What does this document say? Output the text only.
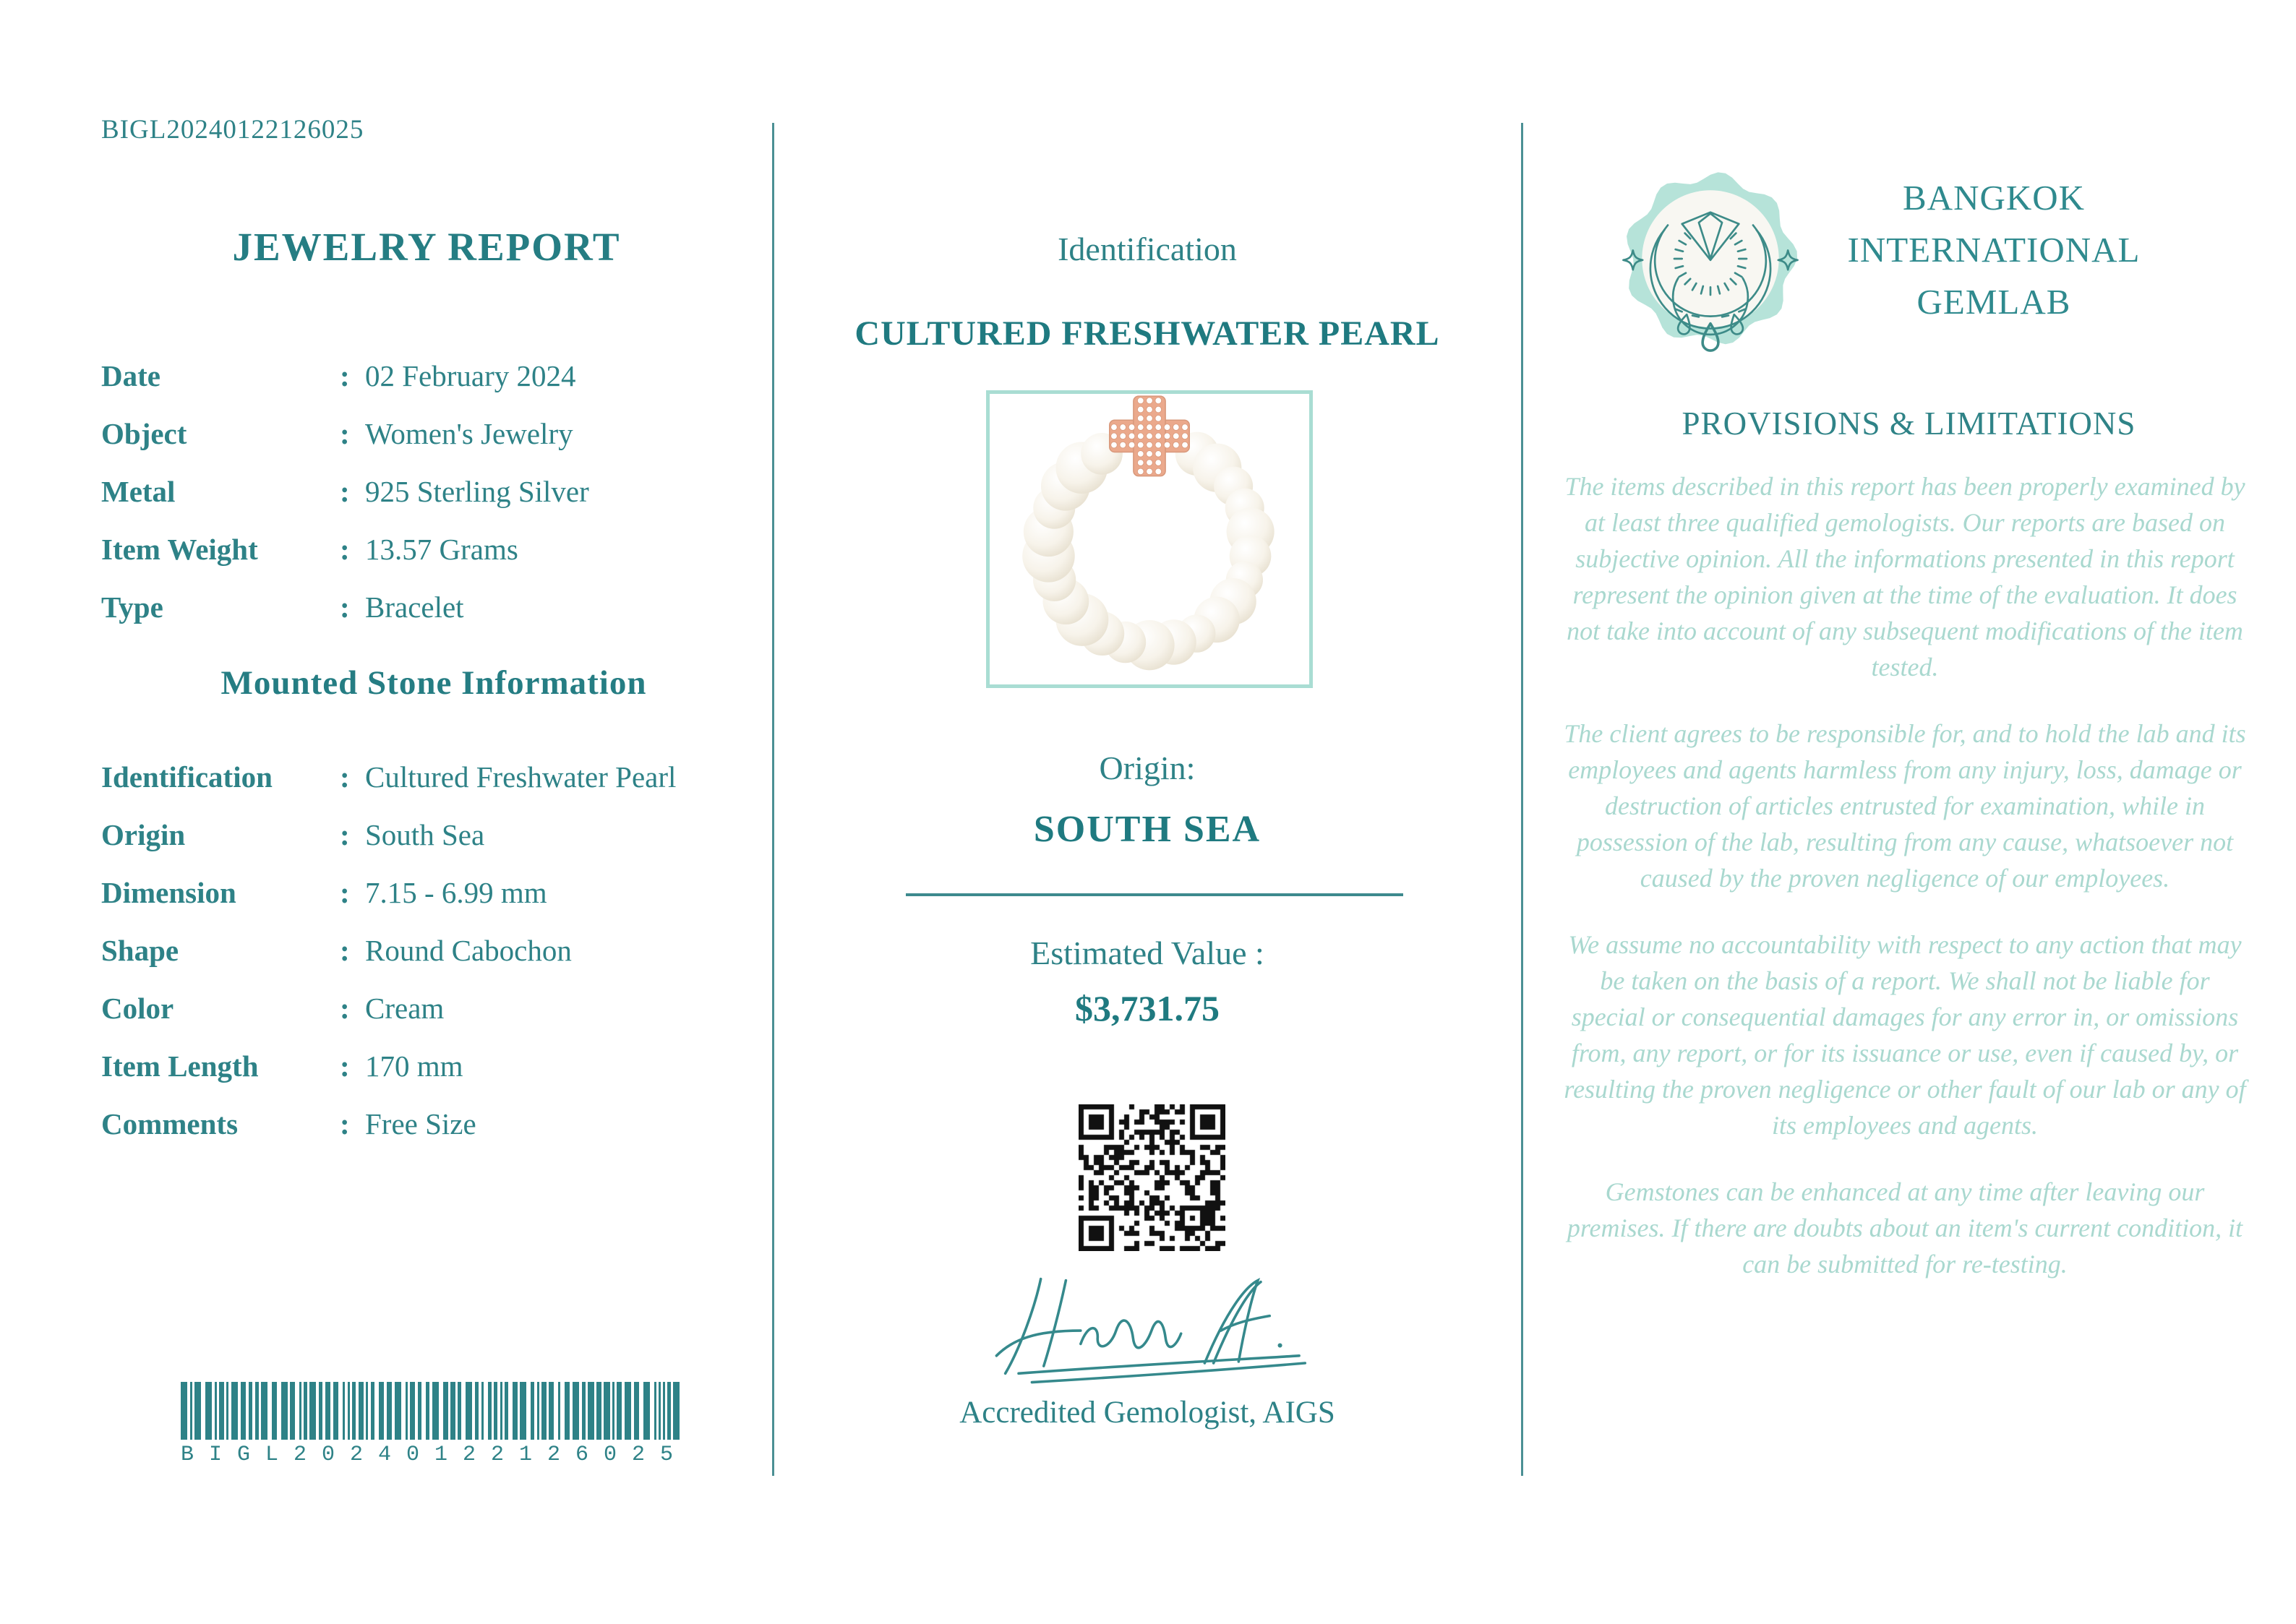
BIGL20240122126025
JEWELRY REPORT
Date	: 02 February 2024
Object	: Women's Jewelry
Metal	: 925 Sterling Silver
Item Weight	: 13.57 Grams
Type	: Bracelet
Mounted Stone Information
Identification	: Cultured Freshwater Pearl
Origin	: South Sea
Dimension	: 7.15 - 6.99 mm
Shape	: Round Cabochon
Color	: Cream
Item Length	: 170 mm
Comments	: Free Size
BIGL20240122126025
Identification
CULTURED FRESHWATER PEARL
Origin:
SOUTH SEA
Estimated Value :
$3,731.75
Accredited Gemologist, AIGS
BANGKOK
INTERNATIONAL
GEMLAB
PROVISIONS & LIMITATIONS

The items described in this report has been properly examined by at least three qualified gemologists. Our reports are based on subjective opinion. All the informations presented in this report represent the opinion given at the time of the evaluation. It does not take into account of any subsequent modifications of the item tested.

The client agrees to be responsible for, and to hold the lab and its employees and agents harmless from any injury, loss, damage or destruction of articles entrusted for examination, while in possession of the lab, resulting from any cause, whatsoever not caused by the proven negligence of our employees.

We assume no accountability with respect to any action that may be taken on the basis of a report. We shall not be liable for special or consequential damages for any error in, or omissions from, any report, or for its issuance or use, even if caused by, or resulting the proven negligence or other fault of our lab or any of its employees and agents.

Gemstones can be enhanced at any time after leaving our premises. If there are doubts about an item's current condition, it can be submitted for re-testing.
